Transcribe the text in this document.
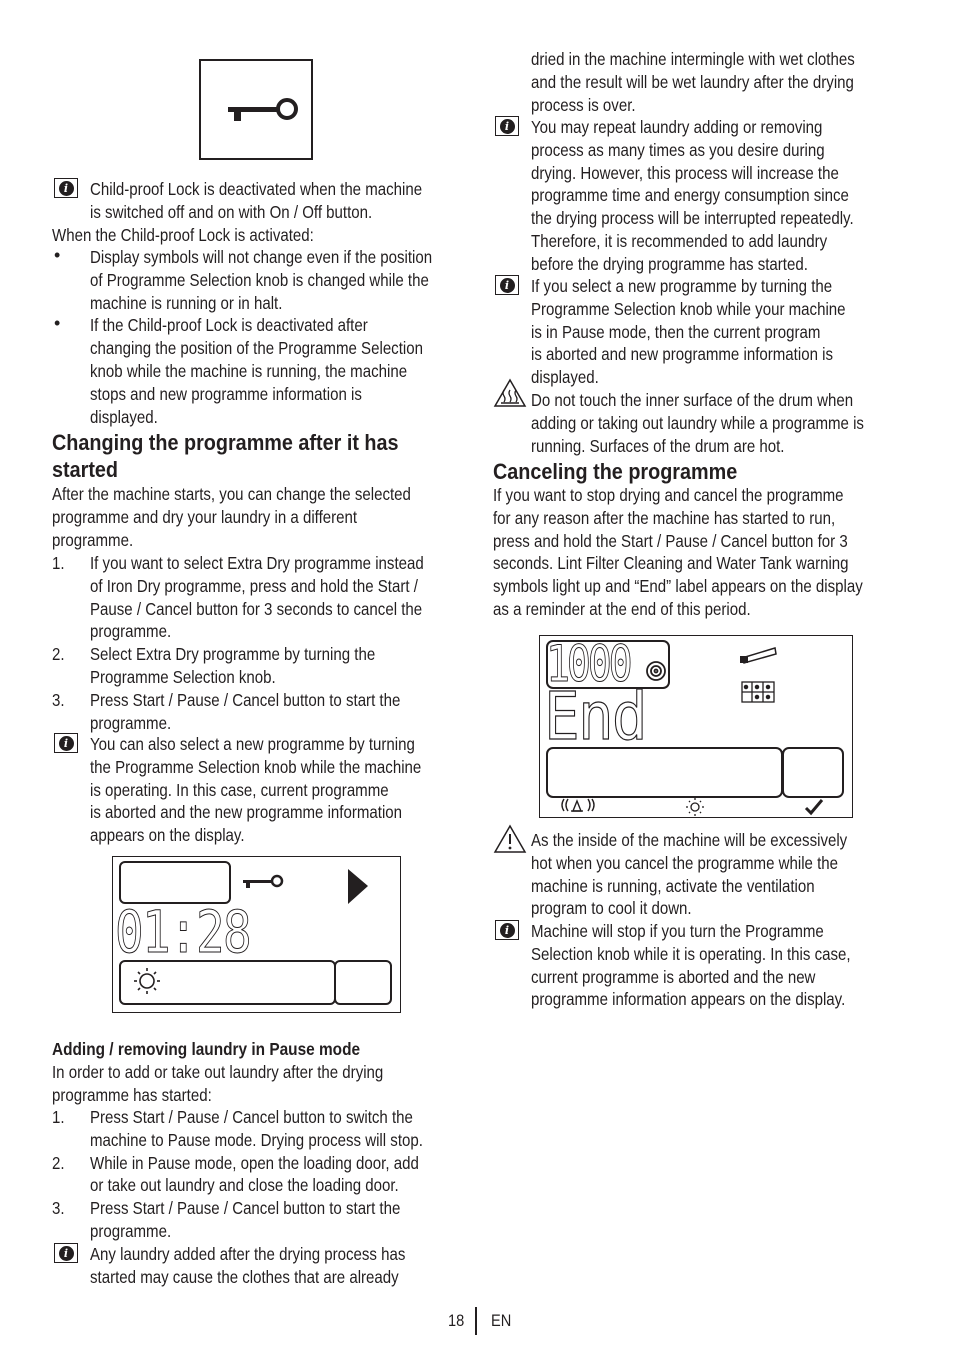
i	Child-proof Lock is deactivated when the machine
is switched off and on with On / Off button.
When the Child-proof Lock is activated:
• Display symbols will not change even if the position
of Programme Selection knob is changed while the
machine is running or in halt.
• If the Child-proof Lock is deactivated after
changing the position of the Programme Selection
knob while the machine is running, the machine
stops and new programme information is
displayed.
Changing the programme after it has
started
After the machine starts, you can change the selected
programme and dry your laundry in a different
programme.
1. If you want to select Extra Dry programme instead
of Iron Dry programme, press and hold the Start /
Pause / Cancel button for 3 seconds to cancel the
programme.
2. Select Extra Dry programme by turning the
Programme Selection knob.
3. Press Start / Pause / Cancel button to start the
programme.
i	You can also select a new programme by turning
the Programme Selection knob while the machine
is operating. In this case, current programme
is aborted and the new programme information
appears on the display.
Adding / removing laundry in Pause mode
In order to add or take out laundry after the drying
programme has started:
1. Press Start / Pause / Cancel button to switch the
machine to Pause mode. Drying process will stop.
2. While in Pause mode, open the loading door, add
or take out laundry and close the loading door.
3. Press Start / Pause / Cancel button to start the
programme.
i	Any laundry added after the drying process has
started may cause the clothes that are already
dried in the machine intermingle with wet clothes
and the result will be wet laundry after the drying
process is over.
i	You may repeat laundry adding or removing
process as many times as you desire during
drying. However, this process will increase the
programme time and energy consumption since
the drying process will be interrupted repeatedly.
Therefore, it is recommended to add laundry
before the drying programme has started.
i	If you select a new programme by turning the
Programme Selection knob while your machine
is in Pause mode, then the current program
is aborted and new programme information is
displayed.
Do not touch the inner surface of the drum when
adding or taking out laundry while a programme is
running. Surfaces of the drum are hot.
Canceling the programme
If you want to stop drying and cancel the programme
for any reason after the machine has started to run,
press and hold the Start / Pause / Cancel button for 3
seconds. Lint Filter Cleaning and Water Tank warning
symbols light up and “End” label appears on the display
as a reminder at the end of this period.
As the inside of the machine will be excessively
hot when you cancel the programme while the
machine is running, activate the ventilation
program to cool it down.
i	Machine will stop if you turn the Programme
Selection knob while it is operating. In this case,
current programme is aborted and the new
programme information appears on the display.
01:28
1000
End
18 EN
